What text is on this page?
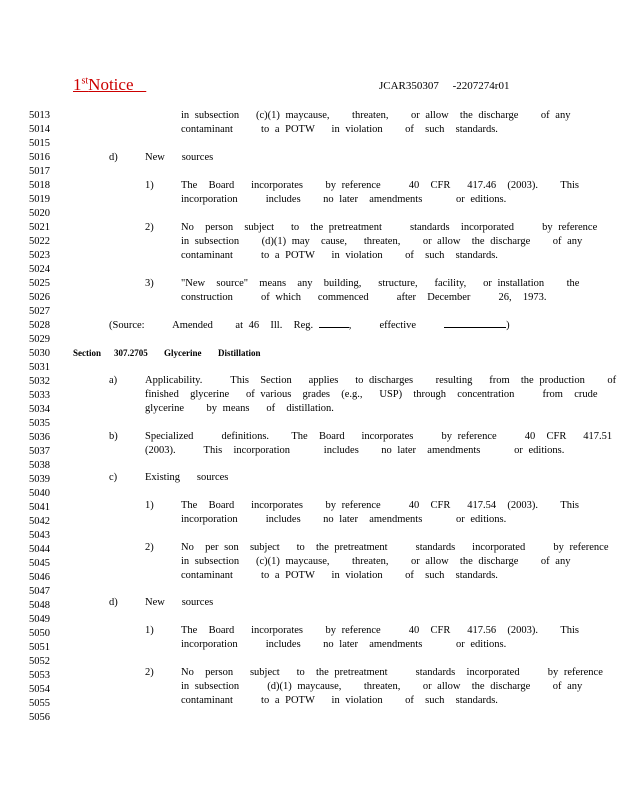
1stNotice	JCAR350307     -2207274r01
5013
5014
5015
5016
5017
5018
5019
5020
5021
5022
5023
5024
5025
5026
5027
5028
5029
5030
5031
5032
5033
5034
5035
5036
5037
5038
5039
5040
5041
5042
5043
5044
5045
5046
5047
5048
5049
5050
5051
5052
5053
5054
5055
5056
in subsection   (c)(1) maycause,    threaten,    or allow  the discharge    of any
contaminant     to a POTW   in violation    of  such  standards.
d)	New   sources
1)	The  Board   incorporates    by reference     40  CFR   417.46  (2003).    This
incorporation     includes    no later  amendments      or editions.
2)	No  person  subject   to  the pretreatment     standards  incorporated     by reference
in subsection    (d)(1) may  cause,   threaten,    or allow  the discharge    of any
contaminant     to a POTW   in violation    of  such  standards.
3)	"New  source"  means  any  building,   structure,   facility,   or installation    the
construction     of which   commenced     after  December     26,  1973.
(Source:     Amended    at 46  Ill.  Reg.	,     effective	)
Section 307.2705 Glycerine Distillation
a)	Applicability.     This  Section   applies   to discharges    resulting   from  the production    of
finished  glycerine   of various  grades  (e.g.,   USP)  through  concentration     from  crude
glycerine    by means   of  distillation.
b)	Specialized     definitions.    The  Board   incorporates     by reference     40  CFR   417.51
(2003).     This  incorporation      includes    no later  amendments      or editions.
c)	Existing   sources
1)	The  Board   incorporates    by reference     40  CFR   417.54  (2003).    This
incorporation     includes    no later  amendments      or editions.
2)	No  per son  subject   to  the pretreatment     standards   incorporated     by reference
in subsection   (c)(1) maycause,    threaten,    or allow  the discharge    of any
contaminant     to a POTW   in violation    of  such  standards.
d)	New   sources
1)	The  Board   incorporates    by reference     40  CFR   417.56  (2003).    This
incorporation     includes    no later  amendments      or editions.
2)	No  person   subject   to  the pretreatment     standards  incorporated     by reference
in subsection     (d)(1) maycause,    threaten,    or allow  the discharge    of any
contaminant     to a POTW   in violation    of  such  standards.
